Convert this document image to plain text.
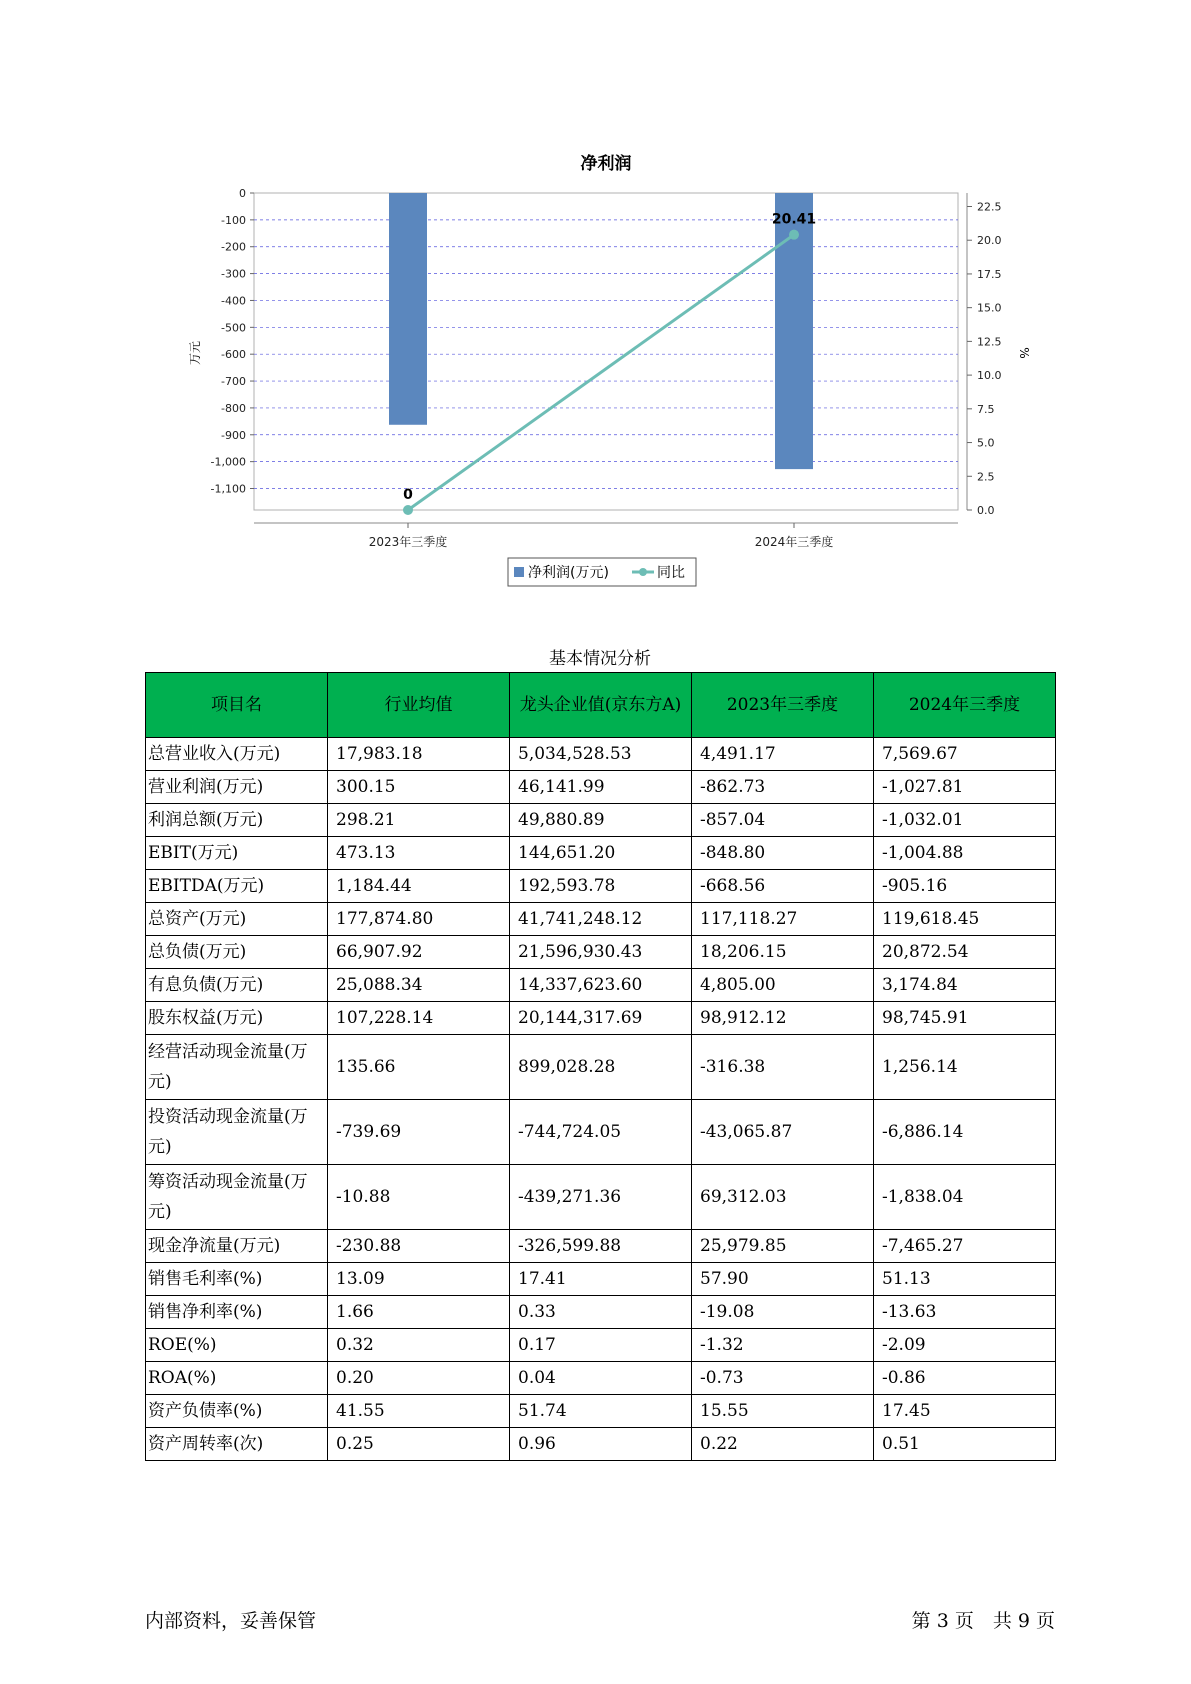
净利润
0
-100
-200
-300
-400
-500
-600
-700
-800
-900
-1,000
-1,100
0.0
2.5
5.0
7.5
10.0
12.5
15.0
17.5
20.0
22.5
2023年三季度	2024年三季度
万元	%
0
20.41
净利润(万元)	同比
基本情况分析
项目名	行业均值	龙头企业值(京东方A)	2023年三季度	2024年三季度
总营业收入(万元)	17,983.18	5,034,528.53	4,491.17	7,569.67
营业利润(万元)	300.15	46,141.99	-862.73	-1,027.81
利润总额(万元)	298.21	49,880.89	-857.04	-1,032.01
EBIT(万元)	473.13	144,651.20	-848.80	-1,004.88
EBITDA(万元)	1,184.44	192,593.78	-668.56	-905.16
总资产(万元)	177,874.80	41,741,248.12	117,118.27	119,618.45
总负债(万元)	66,907.92	21,596,930.43	18,206.15	20,872.54
有息负债(万元)	25,088.34	14,337,623.60	4,805.00	3,174.84
股东权益(万元)	107,228.14	20,144,317.69	98,912.12	98,745.91
经营活动现金流量(万元)	135.66	899,028.28	-316.38	1,256.14
投资活动现金流量(万元)	-739.69	-744,724.05	-43,065.87	-6,886.14
筹资活动现金流量(万元)	-10.88	-439,271.36	69,312.03	-1,838.04
现金净流量(万元)	-230.88	-326,599.88	25,979.85	-7,465.27
销售毛利率(%)	13.09	17.41	57.90	51.13
销售净利率(%)	1.66	0.33	-19.08	-13.63
ROE(%)	0.32	0.17	-1.32	-2.09
ROA(%)	0.20	0.04	-0.73	-0.86
资产负债率(%)	41.55	51.74	15.55	17.45
资产周转率(次)	0.25	0.96	0.22	0.51
内部资料，妥善保管	第 3 页　共 9 页
